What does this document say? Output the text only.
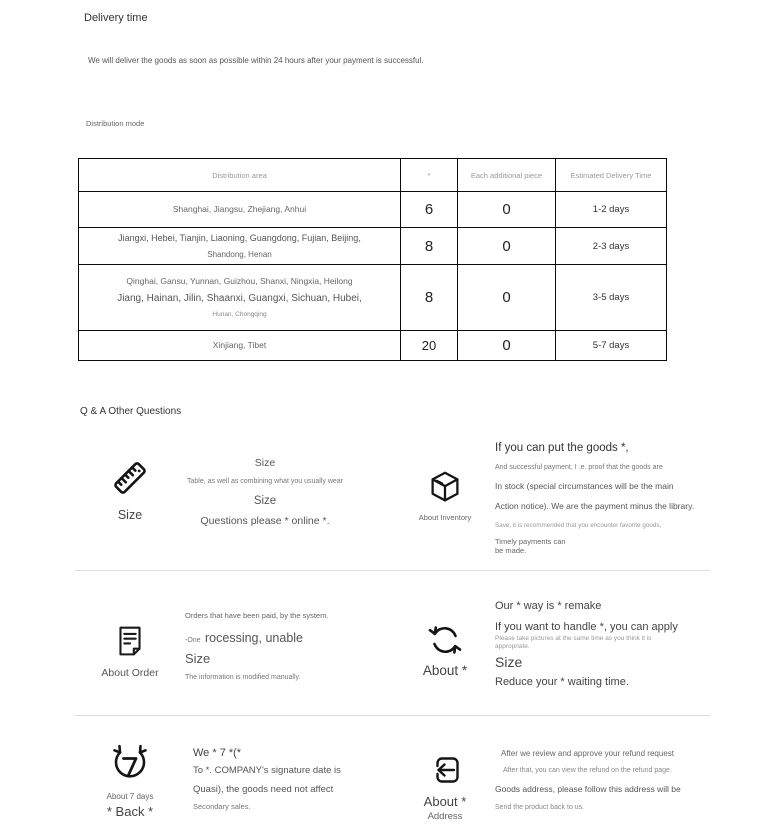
Delivery time
We will deliver the goods as soon as possible within 24 hours after your payment is successful.
Distribution mode
Distribution area	*	Each additional piece	Estimated Delivery Time

Shanghai, Jiangsu, Zhejiang, Anhui	6	0	1-2 days

Jiangxi, Hebei, Tianjin, Liaoning, Guangdong, Fujian, Beijing,
Shandong, Henan	8	0	2-3 days

Qinghai, Gansu, Yunnan, Guizhou, Shanxi, Ningxia, Heilong
Jiang, Hainan, Jilin, Shaanxi, Guangxi, Sichuan, Hubei,
Hunan, Chongqing	8	0	3-5 days

Xinjiang, Tibet	20	0	5-7 days
Q & A Other Questions
Size
Size
Table, as well as combining what you usually wear
Size
Questions please * online *.	About Inventory
If you can put the goods *,
And successful payment, I .e. proof that the goods are
In stock (special circumstances will be the main
Action notice). We are the payment minus the library.
Save, it is recommended that you encounter favorite goods,
Timely payments can
be made.
About Order
Orders that have been paid, by the system.
-One rocessing, unable
Size
The information is modified manually.	About *
Our * way is * remake
If you want to handle *, you can apply
Please take pictures at the same time as you think it is
appropriate.
Size
Reduce your * waiting time.
About 7 days
* Back *
We * 7 *(*
To *. COMPANY's signature date is
Quasi), the goods need not affect
Secondary sales.	About *
Address
After we review and approve your refund request
After that, you can view the refund on the refund page.
Goods address, please follow this address will be
Send the product back to us.
